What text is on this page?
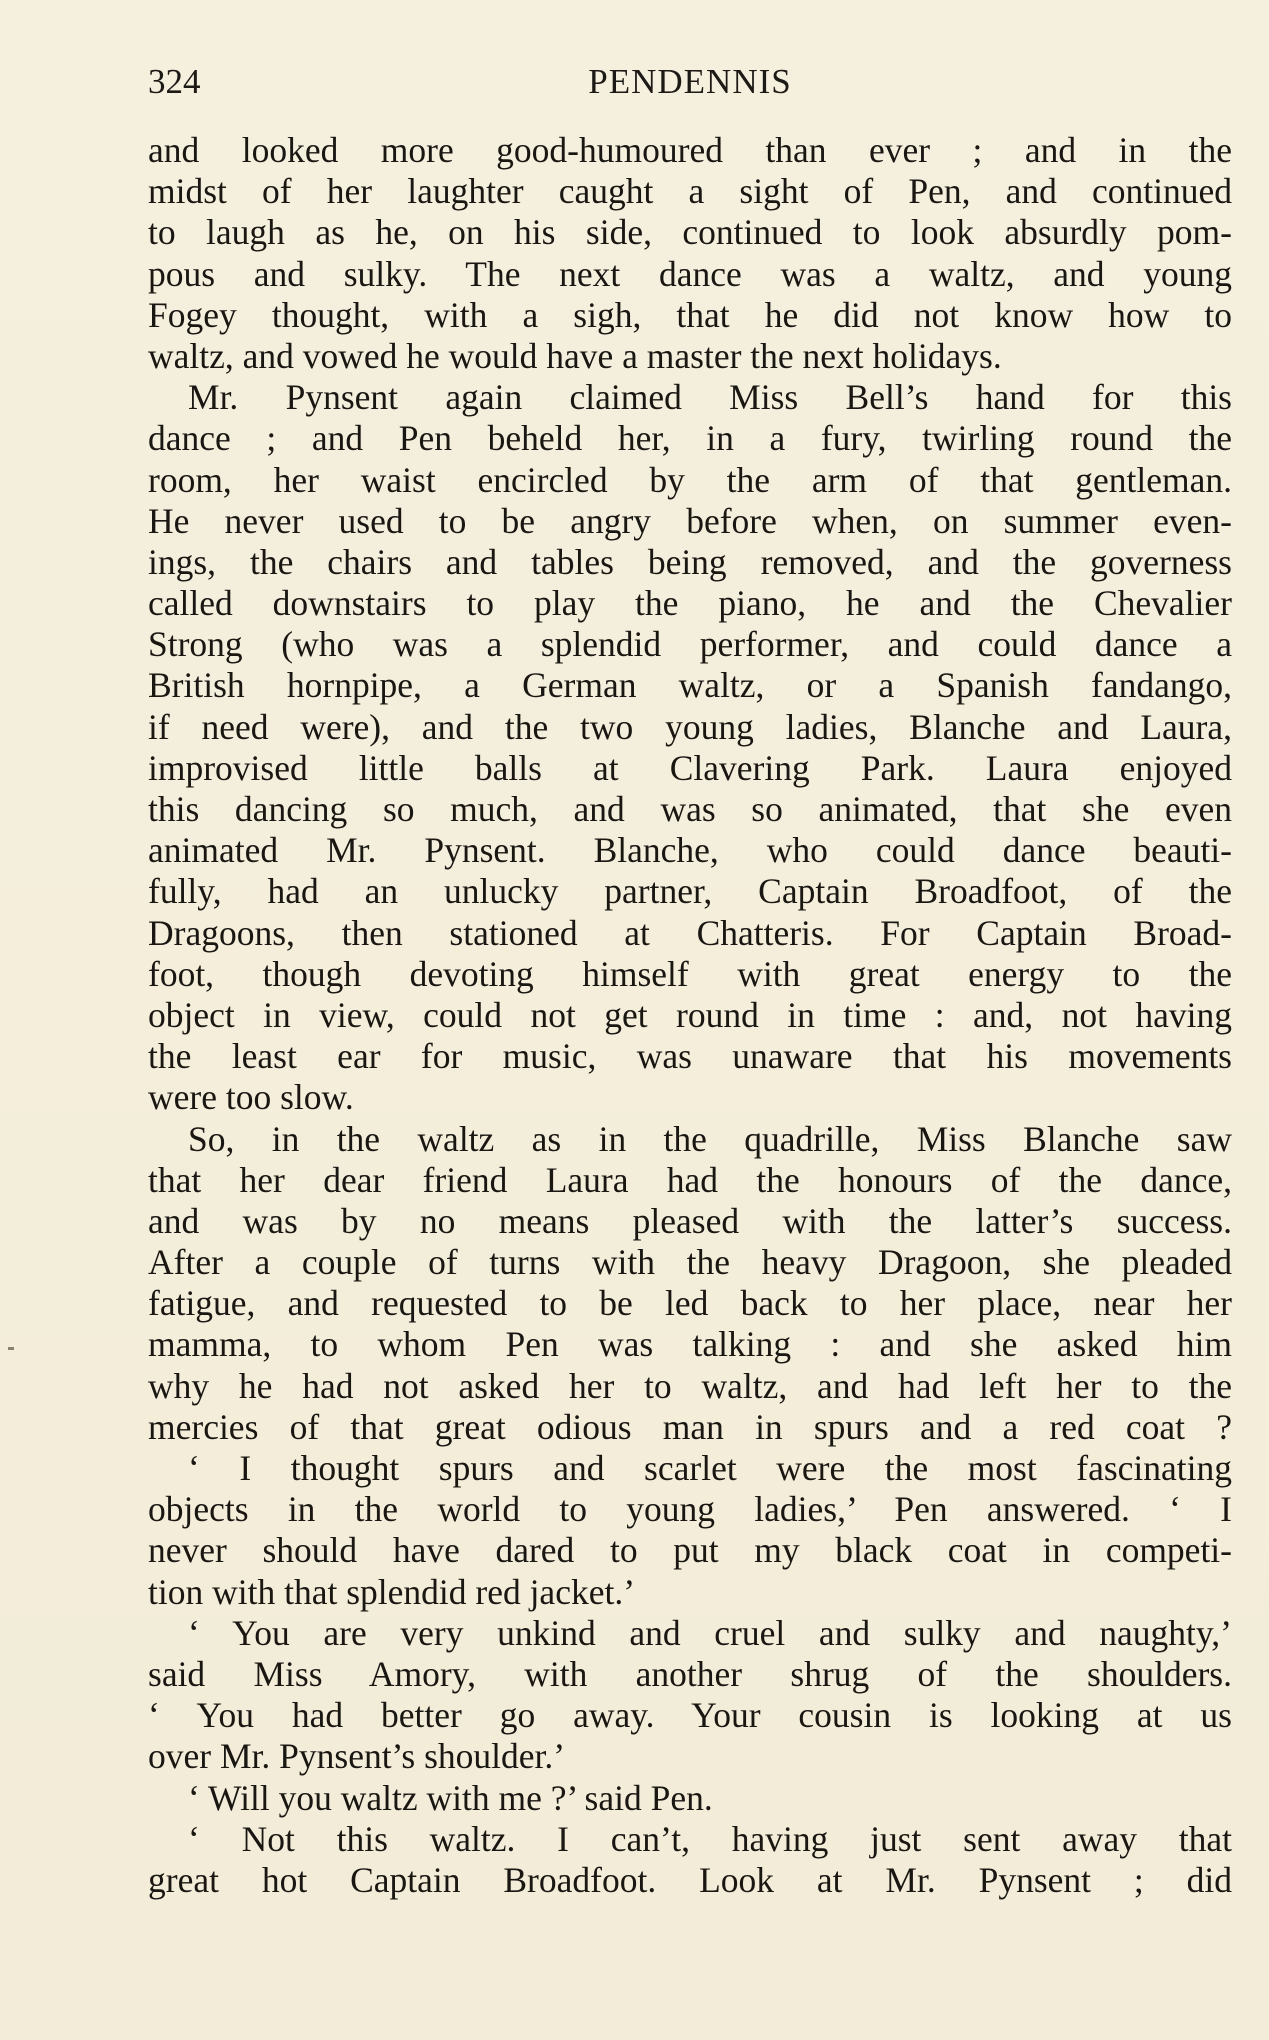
324	PENDENNIS
and looked more good-humoured than ever ; and in the
midst of her laughter caught a sight of Pen, and continued
to laugh as he, on his side, continued to look absurdly pom-
pous and sulky. The next dance was a waltz, and young
Fogey thought, with a sigh, that he did not know how to
waltz, and vowed he would have a master the next holidays.
Mr. Pynsent again claimed Miss Bell’s hand for this
dance ; and Pen beheld her, in a fury, twirling round the
room, her waist encircled by the arm of that gentleman.
He never used to be angry before when, on summer even-
ings, the chairs and tables being removed, and the governess
called downstairs to play the piano, he and the Chevalier
Strong (who was a splendid performer, and could dance a
British hornpipe, a German waltz, or a Spanish fandango,
if need were), and the two young ladies, Blanche and Laura,
improvised little balls at Clavering Park. Laura enjoyed
this dancing so much, and was so animated, that she even
animated Mr. Pynsent. Blanche, who could dance beauti-
fully, had an unlucky partner, Captain Broadfoot, of the
Dragoons, then stationed at Chatteris. For Captain Broad-
foot, though devoting himself with great energy to the
object in view, could not get round in time : and, not having
the least ear for music, was unaware that his movements
were too slow.
So, in the waltz as in the quadrille, Miss Blanche saw
that her dear friend Laura had the honours of the dance,
and was by no means pleased with the latter’s success.
After a couple of turns with the heavy Dragoon, she pleaded
fatigue, and requested to be led back to her place, near her
mamma, to whom Pen was talking : and she asked him
why he had not asked her to waltz, and had left her to the
mercies of that great odious man in spurs and a red coat ?
‘ I thought spurs and scarlet were the most fascinating
objects in the world to young ladies,’ Pen answered. ‘ I
never should have dared to put my black coat in competi-
tion with that splendid red jacket.’
‘ You are very unkind and cruel and sulky and naughty,’
said Miss Amory, with another shrug of the shoulders.
‘ You had better go away. Your cousin is looking at us
over Mr. Pynsent’s shoulder.’
‘ Will you waltz with me ?’ said Pen.
‘ Not this waltz. I can’t, having just sent away that
great hot Captain Broadfoot. Look at Mr. Pynsent ; did
